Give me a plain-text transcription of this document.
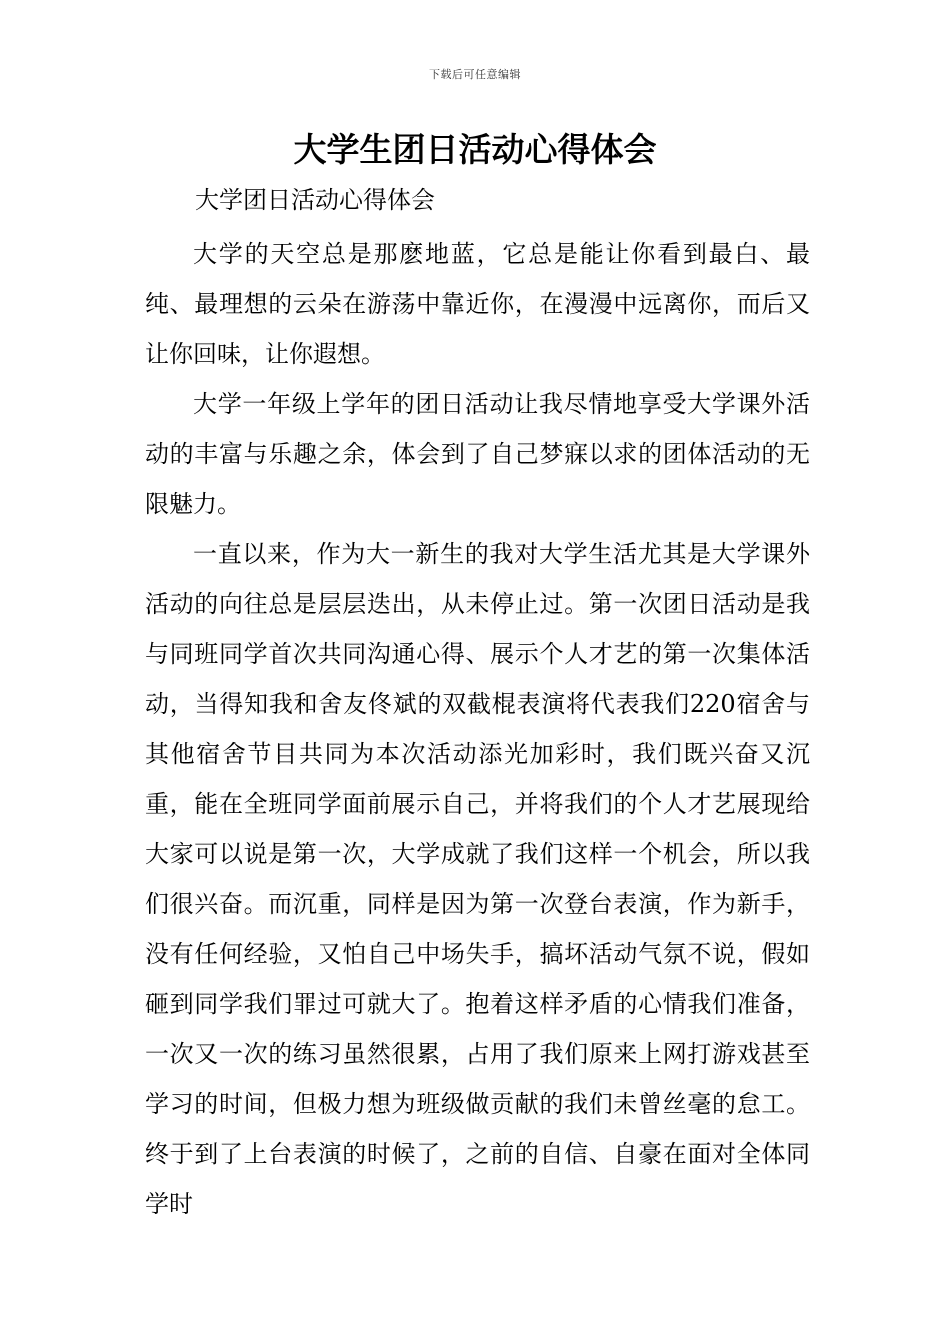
下载后可任意编辑
大学生团日活动心得体会
大学团日活动心得体会

大学的天空总是那麽地蓝，它总是能让你看到最白、最纯、最理想的云朵在游荡中靠近你，在漫漫中远离你，而后又让你回味，让你遐想。

大学一年级上学年的团日活动让我尽情地享受大学课外活动的丰富与乐趣之余，体会到了自己梦寐以求的团体活动的无限魅力。

一直以来，作为大一新生的我对大学生活尤其是大学课外活动的向往总是层层迭出，从未停止过。第一次团日活动是我与同班同学首次共同沟通心得、展示个人才艺的第一次集体活动，当得知我和舍友佟斌的双截棍表演将代表我们220宿舍与其他宿舍节目共同为本次活动添光加彩时，我们既兴奋又沉重，能在全班同学面前展示自己，并将我们的个人才艺展现给大家可以说是第一次，大学成就了我们这样一个机会，所以我们很兴奋。而沉重，同样是因为第一次登台表演，作为新手，没有任何经验，又怕自己中场失手，搞坏活动气氛不说，假如砸到同学我们罪过可就大了。抱着这样矛盾的心情我们准备，一次又一次的练习虽然很累，占用了我们原来上网打游戏甚至学习的时间，但极力想为班级做贡献的我们未曾丝毫的怠工。终于到了上台表演的时候了，之前的自信、自豪在面对全体同学时
